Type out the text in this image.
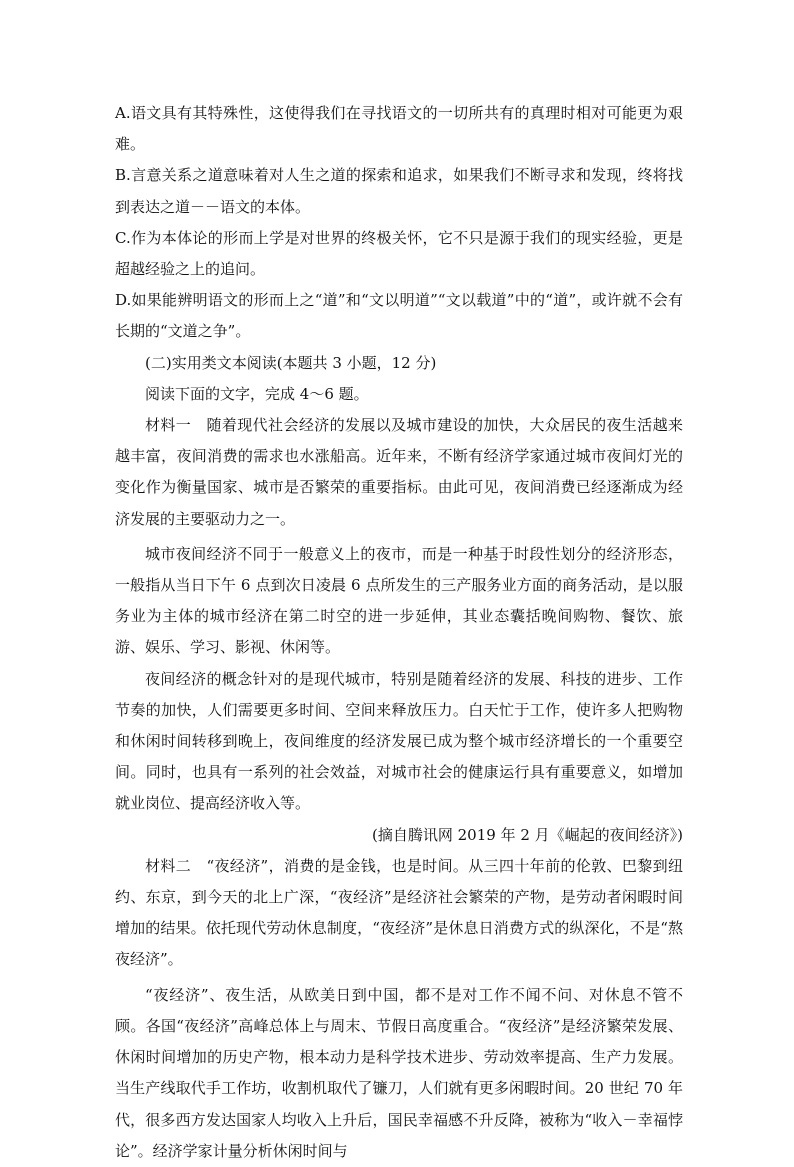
A.语文具有其特殊性，这使得我们在寻找语文的一切所共有的真理时相对可能更为艰难。

B.言意关系之道意味着对人生之道的探索和追求，如果我们不断寻求和发现，终将找到表达之道－－语文的本体。

C.作为本体论的形而上学是对世界的终极关怀，它不只是源于我们的现实经验，更是超越经验之上的追问。

D.如果能辨明语文的形而上之“道”和“文以明道”“文以载道”中的“道”，或许就不会有长期的“文道之争”。

(二)实用类文本阅读(本题共 3 小题，12 分)

阅读下面的文字，完成 4～6 题。

材料一　随着现代社会经济的发展以及城市建设的加快，大众居民的夜生活越来越丰富，夜间消费的需求也水涨船高。近年来，不断有经济学家通过城市夜间灯光的变化作为衡量国家、城市是否繁荣的重要指标。由此可见，夜间消费已经逐渐成为经济发展的主要驱动力之一。

城市夜间经济不同于一般意义上的夜市，而是一种基于时段性划分的经济形态，一般指从当日下午 6 点到次日凌晨 6 点所发生的三产服务业方面的商务活动，是以服务业为主体的城市经济在第二时空的进一步延伸，其业态囊括晚间购物、餐饮、旅游、娱乐、学习、影视、休闲等。

夜间经济的概念针对的是现代城市，特别是随着经济的发展、科技的进步、工作节奏的加快，人们需要更多时间、空间来释放压力。白天忙于工作，使许多人把购物和休闲时间转移到晚上，夜间维度的经济发展已成为整个城市经济增长的一个重要空间。同时，也具有一系列的社会效益，对城市社会的健康运行具有重要意义，如增加就业岗位、提高经济收入等。

(摘自腾讯网 2019 年 2 月《崛起的夜间经济》)

材料二　“夜经济”，消费的是金钱，也是时间。从三四十年前的伦敦、巴黎到纽约、东京，到今天的北上广深，“夜经济”是经济社会繁荣的产物，是劳动者闲暇时间增加的结果。依托现代劳动休息制度，“夜经济”是休息日消费方式的纵深化，不是“熬夜经济”。

“夜经济”、夜生活，从欧美日到中国，都不是对工作不闻不问、对休息不管不顾。各国“夜经济”高峰总体上与周末、节假日高度重合。“夜经济”是经济繁荣发展、休闲时间增加的历史产物，根本动力是科学技术进步、劳动效率提高、生产力发展。当生产线取代手工作坊，收割机取代了镰刀，人们就有更多闲暇时间。20 世纪 70 年代，很多西方发达国家人均收入上升后，国民幸福感不升反降，被称为“收入－幸福悖论”。经济学家计量分析休闲时间与
